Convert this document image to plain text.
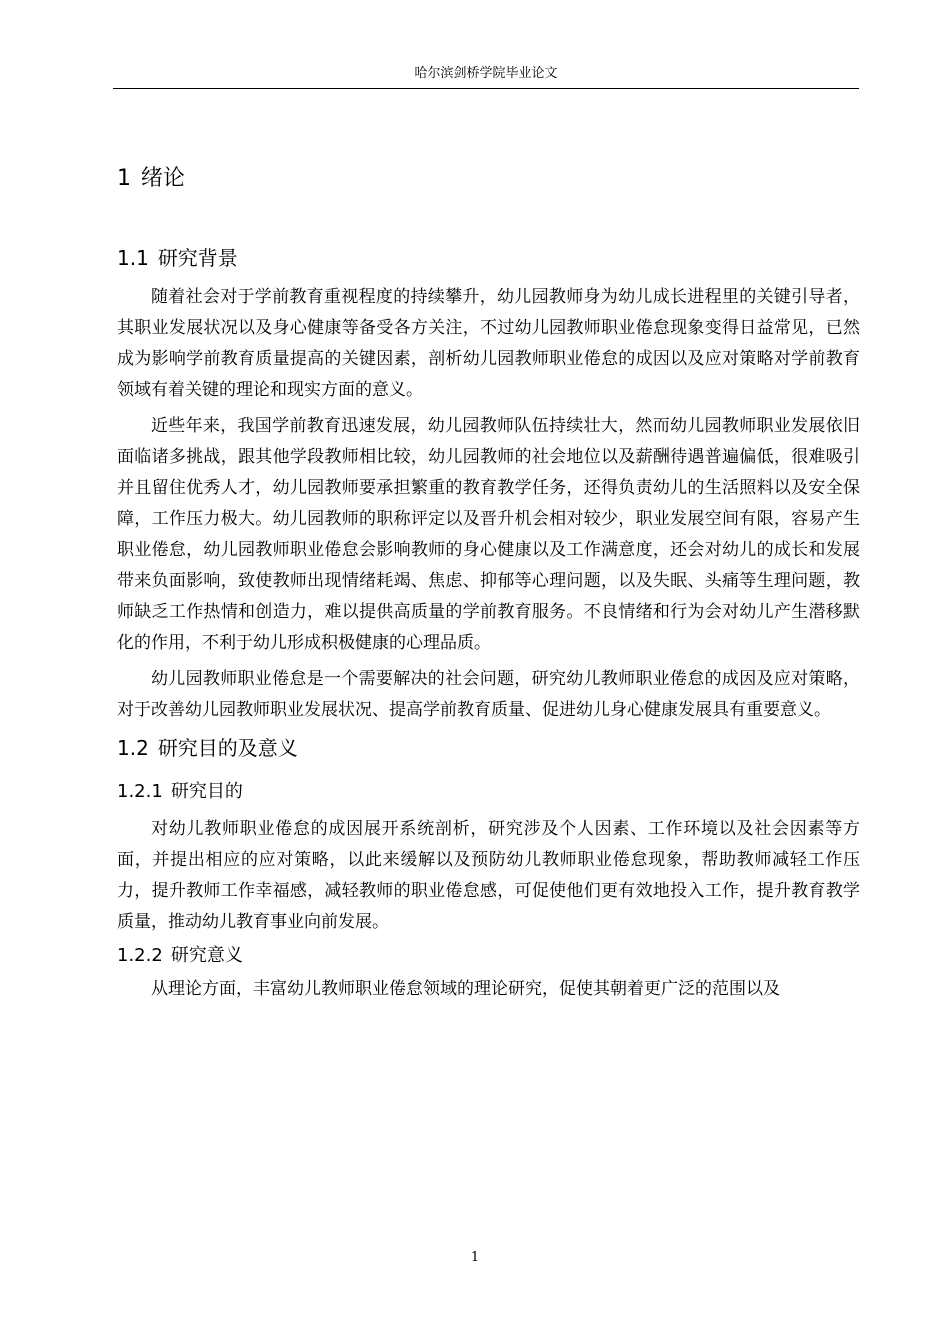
哈尔滨剑桥学院毕业论文
1 绪论
1.1 研究背景

随着社会对于学前教育重视程度的持续攀升，幼儿园教师身为幼儿成长进程里的关键引导者，其职业发展状况以及身心健康等备受各方关注，不过幼儿园教师职业倦怠现象变得日益常见，已然成为影响学前教育质量提高的关键因素，剖析幼儿园教师职业倦怠的成因以及应对策略对学前教育领域有着关键的理论和现实方面的意义。

近些年来，我国学前教育迅速发展，幼儿园教师队伍持续壮大，然而幼儿园教师职业发展依旧面临诸多挑战，跟其他学段教师相比较，幼儿园教师的社会地位以及薪酬待遇普遍偏低，很难吸引并且留住优秀人才，幼儿园教师要承担繁重的教育教学任务，还得负责幼儿的生活照料以及安全保障，工作压力极大。幼儿园教师的职称评定以及晋升机会相对较少，职业发展空间有限，容易产生职业倦怠，幼儿园教师职业倦怠会影响教师的身心健康以及工作满意度，还会对幼儿的成长和发展带来负面影响，致使教师出现情绪耗竭、焦虑、抑郁等心理问题，以及失眠、头痛等生理问题，教师缺乏工作热情和创造力，难以提供高质量的学前教育服务。不良情绪和行为会对幼儿产生潜移默化的作用，不利于幼儿形成积极健康的心理品质。

幼儿园教师职业倦怠是一个需要解决的社会问题，研究幼儿教师职业倦怠的成因及应对策略，对于改善幼儿园教师职业发展状况、提高学前教育质量、促进幼儿身心健康发展具有重要意义。

1.2 研究目的及意义
1.2.1 研究目的

对幼儿教师职业倦怠的成因展开系统剖析，研究涉及个人因素、工作环境以及社会因素等方面，并提出相应的应对策略，以此来缓解以及预防幼儿教师职业倦怠现象，帮助教师减轻工作压力，提升教师工作幸福感，减轻教师的职业倦怠感，可促使他们更有效地投入工作，提升教育教学质量，推动幼儿教育事业向前发展。

1.2.2 研究意义

从理论方面，丰富幼儿教师职业倦怠领域的理论研究，促使其朝着更广泛的范围以及

1
